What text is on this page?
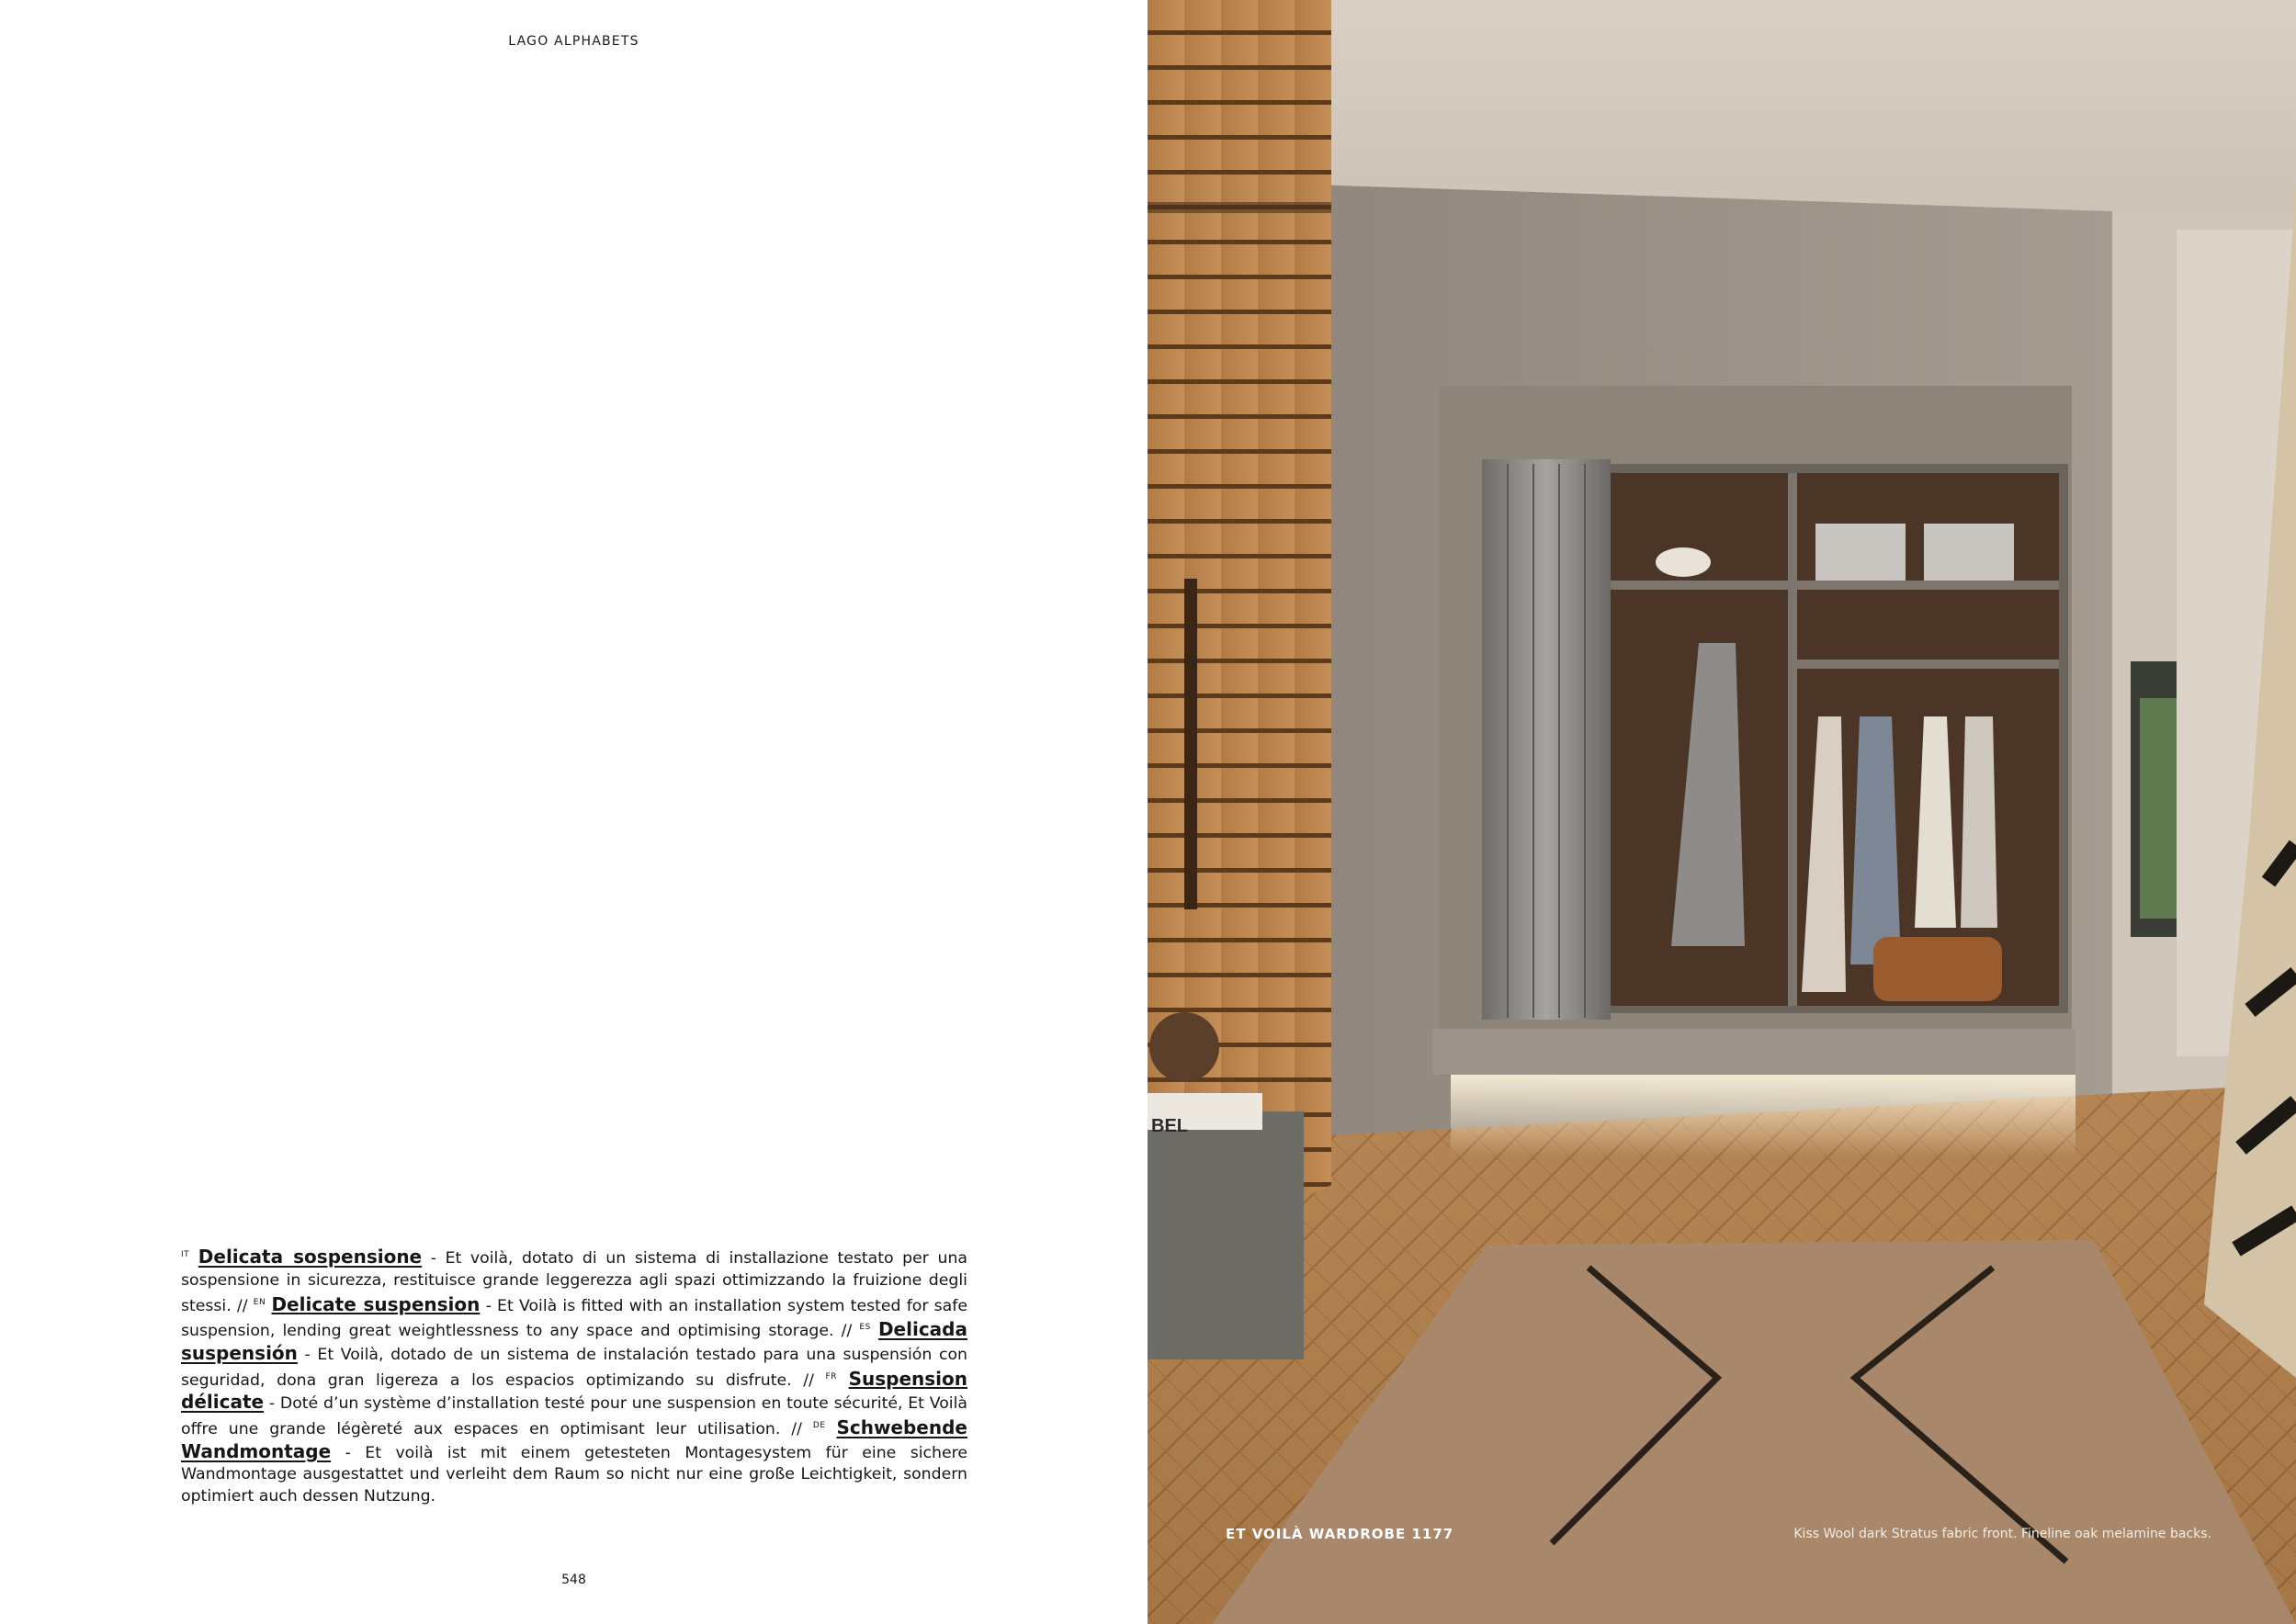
LAGO ALPHABETS

$^{IT}$ Delicata sospensione - Et voilà, dotato di un sistema di installazione testato per una sospensione in sicurezza, restituisce grande leggerezza agli spazi ottimizzando la fruizione degli stessi. // $^{EN}$ Delicate suspension - Et Voilà is fitted with an installation system tested for safe suspension, lending great weightlessness to any space and optimising storage. // $^{ES}$ Delicada suspensión - Et Voilà, dotado de un sistema de instalación testado para una suspensión con seguridad, dona gran ligereza a los espacios optimizando su disfrute. // $^{FR}$ Suspension délicate - Doté d’un système d’installation testé pour une suspension en toute sécurité, Et Voilà offre une grande légèreté aux espaces en optimisant leur utilisation. // $^{DE}$ Schwebende Wandmontage - Et voilà ist mit einem getesteten Montagesystem für eine sichere Wandmontage ausgestattet und verleiht dem Raum so nicht nur eine große Leichtigkeit, sondern optimiert auch dessen Nutzung.

548
ET VOILÀ WARDROBE 1177	Kiss Wool dark Stratus fabric front. Fineline oak melamine backs.
BEL
